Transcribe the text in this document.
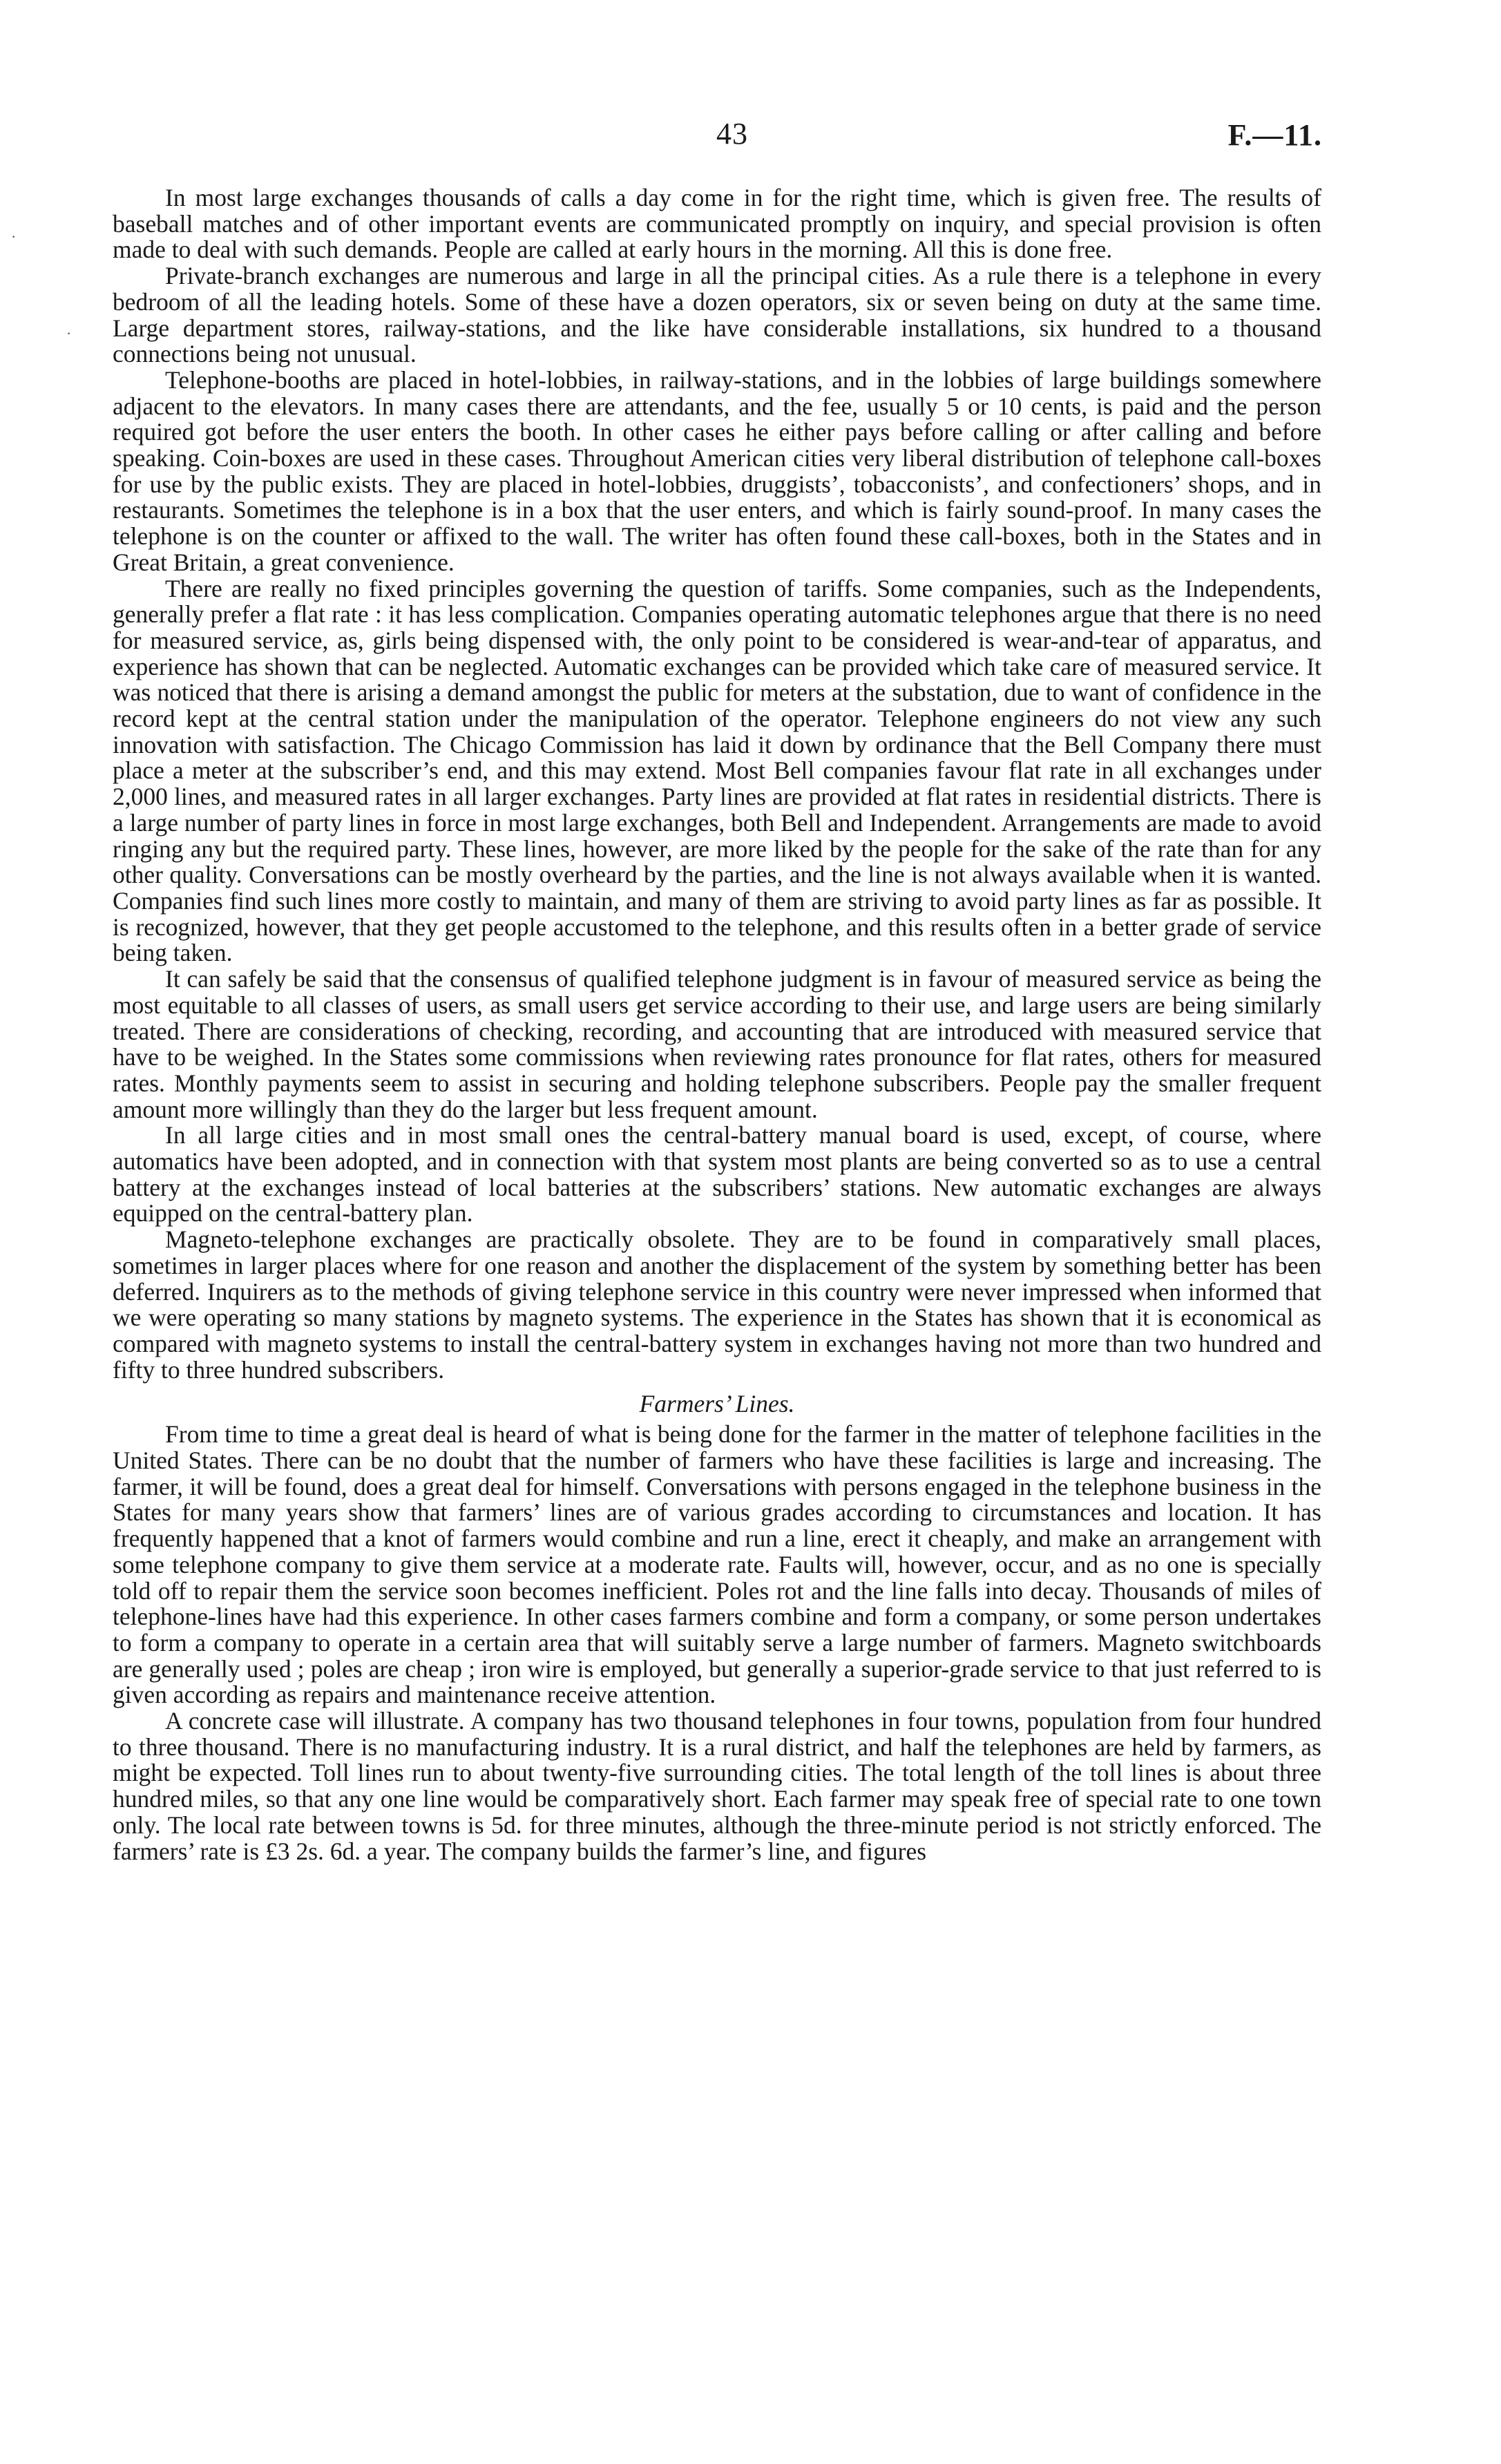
43	F.—11.
·
·

In most large exchanges thousands of calls a day come in for the right time, which is given free. The results of baseball matches and of other important events are communicated promptly on inquiry, and special provision is often made to deal with such demands. People are called at early hours in the morning. All this is done free.

Private-branch exchanges are numerous and large in all the principal cities. As a rule there is a telephone in every bedroom of all the leading hotels. Some of these have a dozen operators, six or seven being on duty at the same time. Large department stores, railway-stations, and the like have considerable installations, six hundred to a thousand connections being not unusual.

Telephone-booths are placed in hotel-lobbies, in railway-stations, and in the lobbies of large buildings somewhere adjacent to the elevators. In many cases there are attendants, and the fee, usually 5 or 10 cents, is paid and the person required got before the user enters the booth. In other cases he either pays before calling or after calling and before speaking. Coin-boxes are used in these cases. Throughout American cities very liberal distribution of telephone call-boxes for use by the public exists. They are placed in hotel-lobbies, druggists’, tobacconists’, and confectioners’ shops, and in restaurants. Sometimes the telephone is in a box that the user enters, and which is fairly sound-proof. In many cases the telephone is on the counter or affixed to the wall. The writer has often found these call-boxes, both in the States and in Great Britain, a great convenience.

There are really no fixed principles governing the question of tariffs. Some companies, such as the Independents, generally prefer a flat rate : it has less complication. Companies operating automatic telephones argue that there is no need for measured service, as, girls being dispensed with, the only point to be considered is wear-and-tear of apparatus, and experience has shown that can be neglected. Automatic exchanges can be provided which take care of measured service. It was noticed that there is arising a demand amongst the public for meters at the substation, due to want of confidence in the record kept at the central station under the manipulation of the operator. Telephone engineers do not view any such innovation with satisfaction. The Chicago Commission has laid it down by ordinance that the Bell Company there must place a meter at the subscriber’s end, and this may extend. Most Bell companies favour flat rate in all exchanges under 2,000 lines, and measured rates in all larger exchanges. Party lines are provided at flat rates in residential districts. There is a large number of party lines in force in most large exchanges, both Bell and Independent. Arrangements are made to avoid ringing any but the required party. These lines, however, are more liked by the people for the sake of the rate than for any other quality. Conversations can be mostly overheard by the parties, and the line is not always available when it is wanted. Companies find such lines more costly to maintain, and many of them are striving to avoid party lines as far as possible. It is recognized, however, that they get people accustomed to the telephone, and this results often in a better grade of service being taken.

It can safely be said that the consensus of qualified telephone judgment is in favour of measured service as being the most equitable to all classes of users, as small users get service according to their use, and large users are being similarly treated. There are considerations of checking, recording, and accounting that are introduced with measured service that have to be weighed. In the States some commissions when reviewing rates pronounce for flat rates, others for measured rates. Monthly payments seem to assist in securing and holding telephone subscribers. People pay the smaller frequent amount more willingly than they do the larger but less frequent amount.

In all large cities and in most small ones the central-battery manual board is used, except, of course, where automatics have been adopted, and in connection with that system most plants are being converted so as to use a central battery at the exchanges instead of local batteries at the subscribers’ stations. New automatic exchanges are always equipped on the central-battery plan.

Magneto-telephone exchanges are practically obsolete. They are to be found in comparatively small places, sometimes in larger places where for one reason and another the displacement of the system by something better has been deferred. Inquirers as to the methods of giving telephone service in this country were never impressed when informed that we were operating so many stations by magneto systems. The experience in the States has shown that it is economical as compared with magneto systems to install the central-battery system in exchanges having not more than two hundred and fifty to three hundred subscribers.

Farmers’ Lines.

From time to time a great deal is heard of what is being done for the farmer in the matter of telephone facilities in the United States. There can be no doubt that the number of farmers who have these facilities is large and increasing. The farmer, it will be found, does a great deal for himself. Conversations with persons engaged in the telephone business in the States for many years show that farmers’ lines are of various grades according to circumstances and location. It has frequently happened that a knot of farmers would combine and run a line, erect it cheaply, and make an arrangement with some telephone company to give them service at a moderate rate. Faults will, however, occur, and as no one is specially told off to repair them the service soon becomes inefficient. Poles rot and the line falls into decay. Thousands of miles of telephone-lines have had this experience. In other cases farmers combine and form a company, or some person undertakes to form a company to operate in a certain area that will suitably serve a large number of farmers. Magneto switchboards are generally used ; poles are cheap ; iron wire is employed, but generally a superior-grade service to that just referred to is given according as repairs and maintenance receive attention.

A concrete case will illustrate. A company has two thousand telephones in four towns, population from four hundred to three thousand. There is no manufacturing industry. It is a rural district, and half the telephones are held by farmers, as might be expected. Toll lines run to about twenty-five surrounding cities. The total length of the toll lines is about three hundred miles, so that any one line would be comparatively short. Each farmer may speak free of special rate to one town only. The local rate between towns is 5d. for three minutes, although the three-minute period is not strictly enforced. The farmers’ rate is £3 2s. 6d. a year. The company builds the farmer’s line, and figures
